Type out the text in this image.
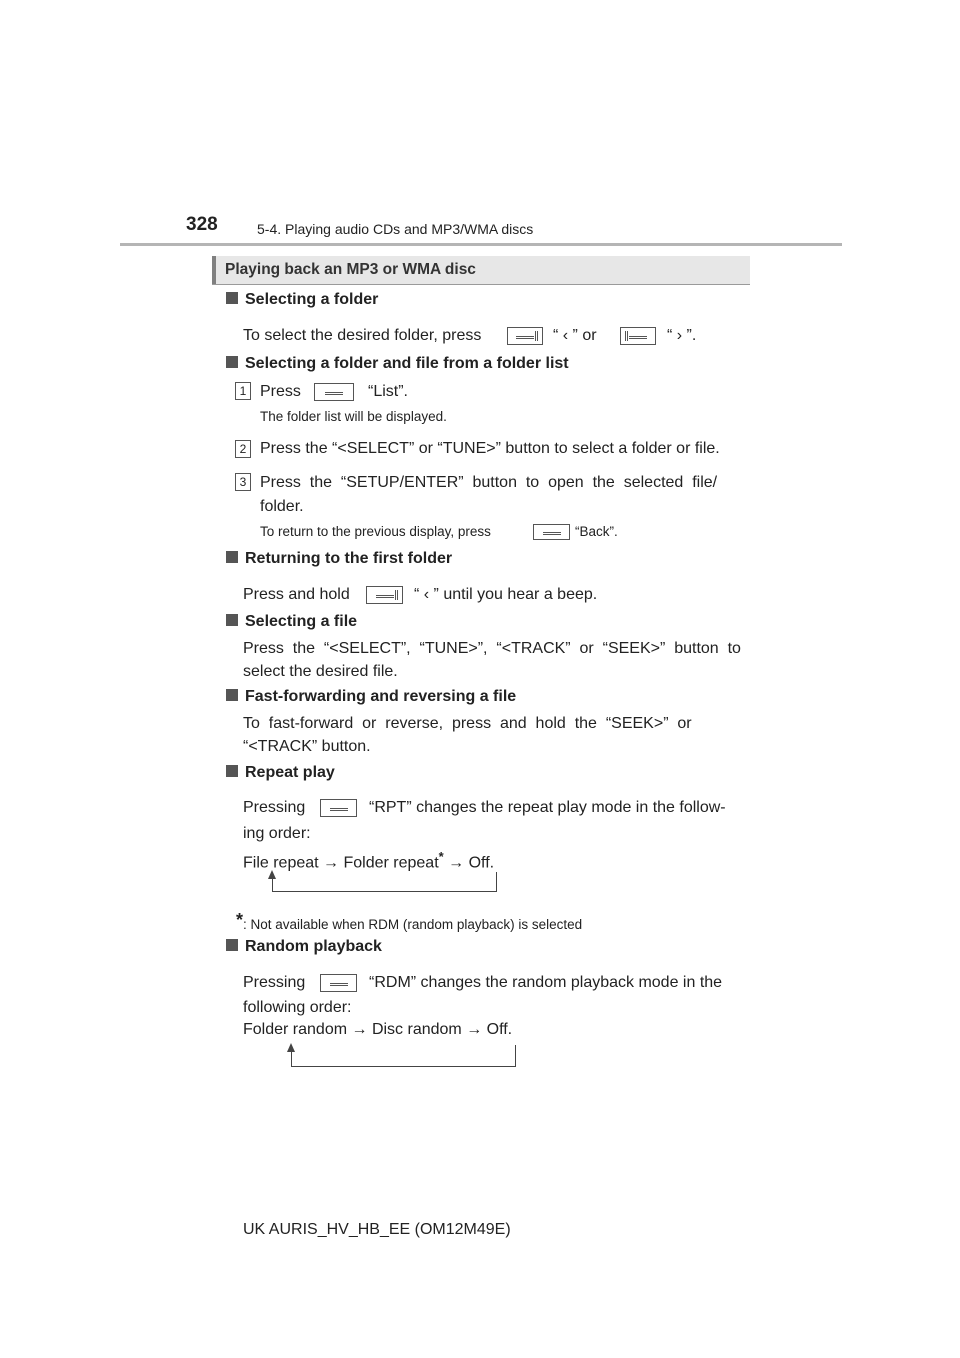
328	5-4. Playing audio CDs and MP3/WMA discs
Playing back an MP3 or WMA disc
Selecting a folder
To select the desired folder, press	“ ‹ ” or	“ › ”.
Selecting a folder and file from a folder list
1 Press	“List”.
The folder list will be displayed.
2 Press the “<SELECT” or “TUNE>” button to select a folder or file.
3 Press  the  “SETUP/ENTER”  button  to  open  the  selected  file/
folder.
To return to the previous display, press	“Back”.
Returning to the first folder
Press and hold	“ ‹ ” until you hear a beep.
Selecting a file
Press  the  “<SELECT”,  “TUNE>”,  “<TRACK”  or  “SEEK>”  button  to
select the desired file.
Fast-forwarding and reversing a file
To  fast-forward  or  reverse,  press  and  hold  the  “SEEK>”  or
“<TRACK” button.
Repeat play
Pressing	“RPT” changes the repeat play mode in the follow-
ing order:
File repeat → Folder repeat* → Off.
*: Not available when RDM (random playback) is selected
Random playback
Pressing	“RDM” changes the random playback mode in the
following order:
Folder random → Disc random → Off.
UK AURIS_HV_HB_EE (OM12M49E)
